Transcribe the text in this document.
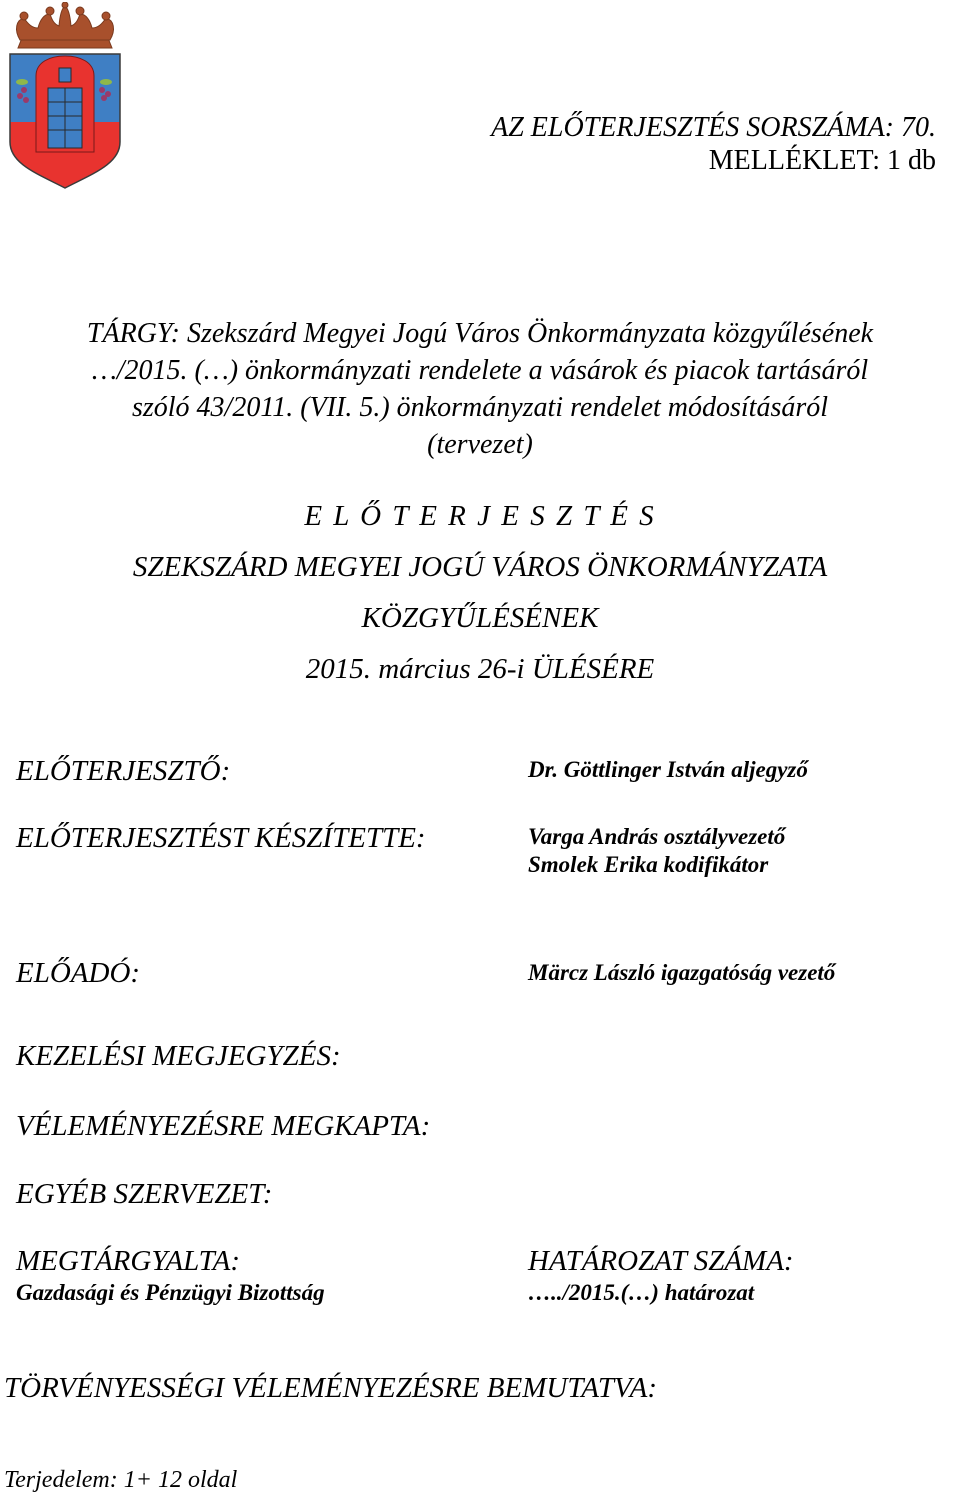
AZ ELŐTERJESZTÉS SORSZÁMA: 70.
MELLÉKLET: 1 db
TÁRGY: Szekszárd Megyei Jogú Város Önkormányzata közgyűlésének
…/2015. (…) önkormányzati rendelete a vásárok és piacok tartásáról
szóló 43/2011. (VII. 5.) önkormányzati rendelet módosításáról
(tervezet)
E L Ő T E R J E S Z T É S
SZEKSZÁRD MEGYEI JOGÚ VÁROS ÖNKORMÁNYZATA
KÖZGYŰLÉSÉNEK
2015. március 26-i ÜLÉSÉRE
ELŐTERJESZTŐ:	Dr. Göttlinger István aljegyző
ELŐTERJESZTÉST KÉSZÍTETTE:	Varga András osztályvezető
Smolek Erika kodifikátor
ELŐADÓ:	Märcz László igazgatóság vezető
KEZELÉSI MEGJEGYZÉS:
VÉLEMÉNYEZÉSRE MEGKAPTA:
EGYÉB SZERVEZET:
MEGTÁRGYALTA:
Gazdasági és Pénzügyi Bizottság
HATÁROZAT SZÁMA:
…../2015.(…) határozat
TÖRVÉNYESSÉGI VÉLEMÉNYEZÉSRE BEMUTATVA:
Terjedelem: 1+ 12 oldal
